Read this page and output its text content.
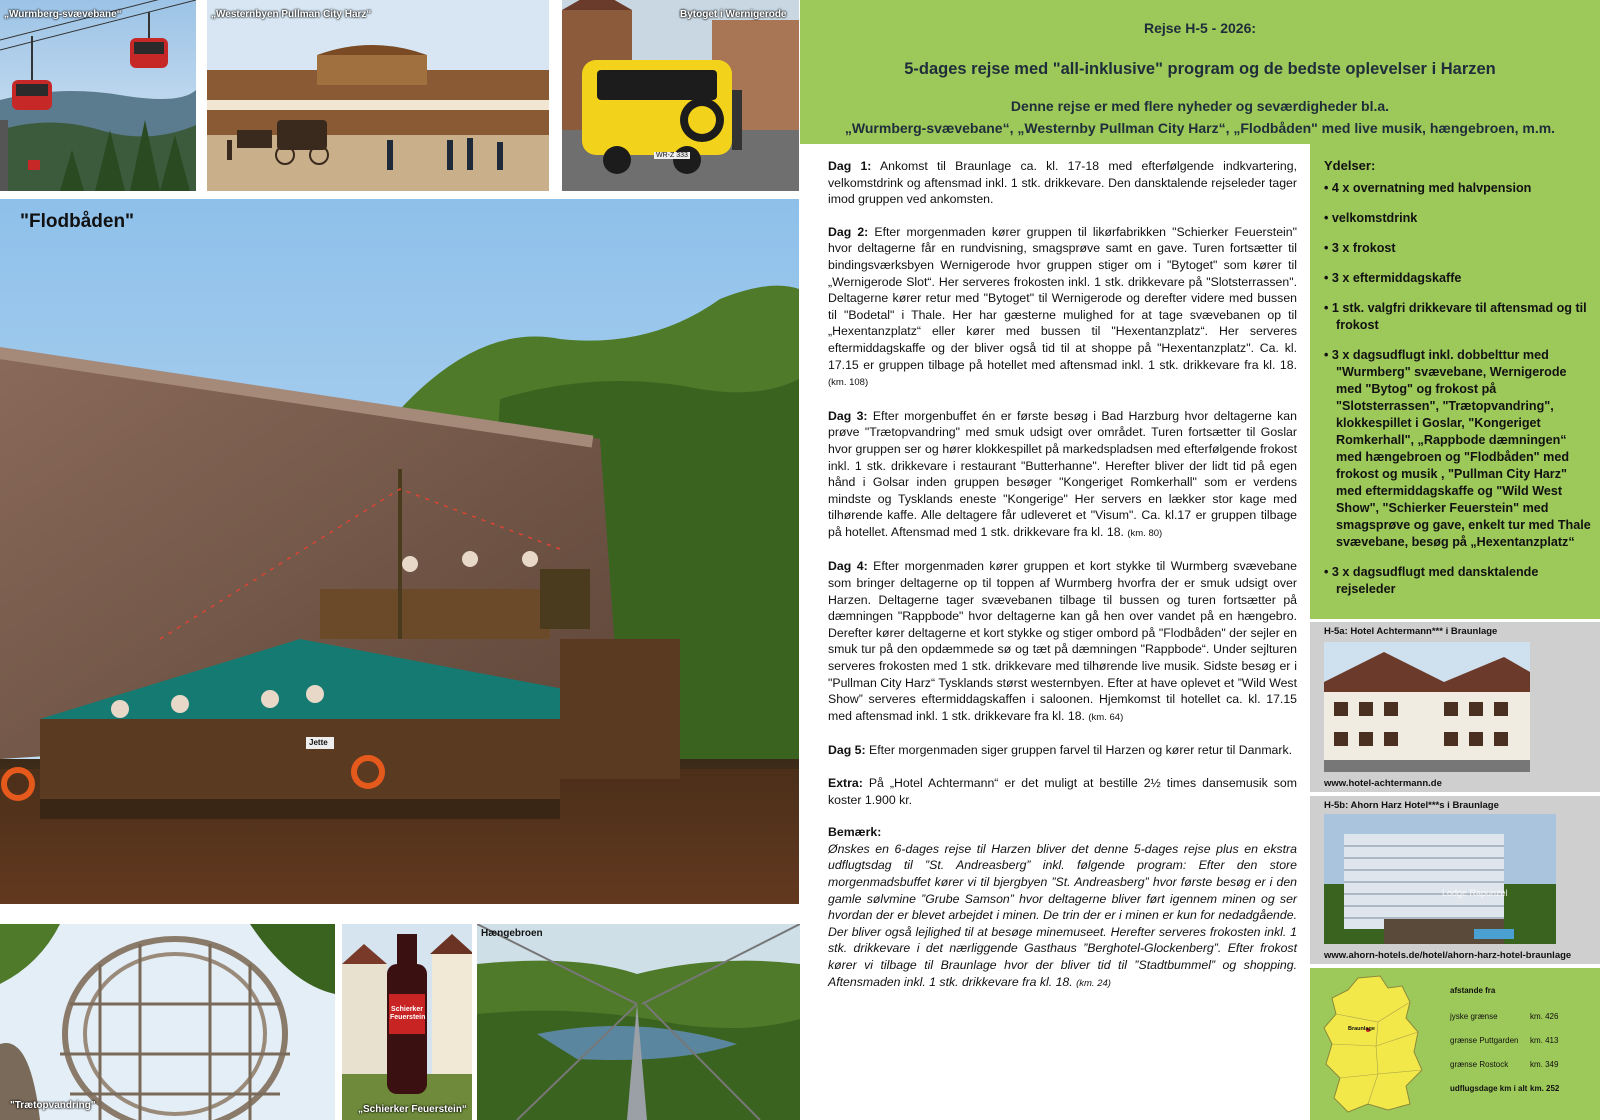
„Wurmberg-svævebane“	„Westernbyen Pullman City Harz“	Bytoget i Wernigerode
WR-Z 333
"Flodbåden"
Jette
"Trætopvandring"
Schierker Feuerstein
„Schierker Feuerstein“
Hængebroen
Rejse H-5 - 2026:
5-dages rejse med "all-inklusive" program og de bedste oplevelser i Harzen
Denne rejse er med flere nyheder og seværdigheder bl.a.
„Wurmberg-svævebane“, „Westernby Pullman City Harz“, „Flodbåden" med live musik, hængebroen, m.m.

Dag 1: Ankomst til Braunlage ca. kl. 17-18 med efterfølgende indkvartering, velkomstdrink og aftensmad inkl. 1 stk. drikkevare. Den dansktalende rejseleder tager imod gruppen ved ankomsten.

Dag 2: Efter morgenmaden kører gruppen til likørfabrikken "Schierker Feuerstein" hvor deltagerne får en rundvisning, smagsprøve samt en gave. Turen fortsætter til bindingsværksbyen Wernigerode hvor gruppen stiger om i "Bytoget" som kører til „Wernigerode Slot“. Her serveres frokosten inkl. 1 stk. drikkevare på "Slotsterrassen". Deltagerne kører retur med "Bytoget" til Wernigerode og derefter videre med bussen til "Bodetal" i Thale. Her har gæsterne mulighed for at tage svævebanen op til „Hexentanzplatz“ eller kører med bussen til "Hexentanzplatz“. Her serveres eftermiddagskaffe og der bliver også tid til at shoppe på "Hexentanzplatz". Ca. kl. 17.15 er gruppen tilbage på hotellet med aftensmad inkl. 1 stk. drikkevare fra kl. 18. (km. 108)

Dag 3: Efter morgenbuffet én er første besøg i Bad Harzburg hvor deltagerne kan prøve "Trætopvandring" med smuk udsigt over området. Turen fortsætter til Goslar hvor gruppen ser og hører klokkespillet på markedspladsen med efterfølgende frokost inkl. 1 stk. drikkevare i restaurant "Butterhanne". Herefter bliver der lidt tid på egen hånd i Golsar inden gruppen besøger "Kongeriget Romkerhall" som er verdens mindste og Tysklands eneste "Kongerige" Her servers en lækker stor kage med tilhørende kaffe. Alle deltagere får udleveret et "Visum". Ca. kl.17 er gruppen tilbage på hotellet. Aftensmad med 1 stk. drikkevare fra kl. 18. (km. 80)

Dag 4: Efter morgenmaden kører gruppen et kort stykke til Wurmberg svævebane som bringer deltagerne op til toppen af Wurmberg hvorfra der er smuk udsigt over Harzen. Deltagerne tager svævebanen tilbage til bussen og turen fortsætter på dæmningen "Rappbode" hvor deltagerne kan gå hen over vandet på en hængebro. Derefter kører deltagerne et kort stykke og stiger ombord på "Flodbåden" der sejler en smuk tur på den opdæmmede sø og tæt på dæmningen "Rappbode“. Under sejlturen serveres frokosten med 1 stk. drikkevare med tilhørende live musik. Sidste besøg er i "Pullman City Harz“ Tysklands størst westernbyen. Efter at have oplevet et ”Wild West Show” serveres eftermiddagskaffen i saloonen. Hjemkomst til hotellet ca. kl. 17.15 med aftensmad inkl. 1 stk. drikkevare fra kl. 18. (km. 64)

Dag 5: Efter morgenmaden siger gruppen farvel til Harzen og kører retur til Danmark.

Extra: På „Hotel Achtermann“ er det muligt at bestille 2½ times dansemusik som koster 1.900 kr.

Bemærk:
Ønskes en 6-dages rejse til Harzen bliver det denne 5-dages rejse plus en ekstra udflugtsdag til ”St. Andreasberg” inkl. følgende program: Efter den store morgenmadsbuffet kører vi til bjergbyen ”St. Andreasberg” hvor første besøg er i den gamle sølvmine ”Grube Samson” hvor deltagerne bliver ført igennem minen og ser hvordan der er blevet arbejdet i minen. De trin der er i minen er kun for nedadgående. Der bliver også lejlighed til at besøge minemuseet. Herefter serveres frokosten inkl. 1 stk. drikkevare i det nærliggende Gasthaus ”Berghotel-Glockenberg”. Efter frokost kører vi tilbage til Braunlage hvor der bliver tid til ”Stadtbummel” og shopping. Aftensmaden inkl. 1 stk. drikkevare fra kl. 18. (km. 24)

Ydelser:
• 4 x overnatning med halvpension
• velkomstdrink
• 3 x frokost
• 3 x eftermiddagskaffe
• 1 stk. valgfri drikkevare til aftensmad og til frokost
• 3 x dagsudflugt inkl. dobbelttur med "Wurmberg" svævebane, Wernigerode med "Bytog" og frokost på "Slotsterrassen", "Trætopvandring", klokkespillet i Goslar, "Kongeriget Romkerhall", „Rappbode dæmningen“ med hængebroen og "Flodbåden" med frokost og musik , "Pullman City Harz" med eftermiddagskaffe og "Wild West Show", "Schierker Feuerstein" med smagsprøve og gave, enkelt tur med Thale svævebane, besøg på „Hexentanzplatz“
• 3 x dagsudflugt med dansktalende rejseleder
H-5a: Hotel Achtermann*** i Braunlage
www.hotel-achtermann.de
H-5b: Ahorn Harz Hotel***s i Braunlage
Lodge Rapunzel
www.ahorn-hotels.de/hotel/ahorn-harz-hotel-braunlage
Braunlage
afstande fra
jyske grænse	km. 426
grænse Puttgarden km. 413
grænse Rostock	km. 349
udflugsdage km i alt km. 252
